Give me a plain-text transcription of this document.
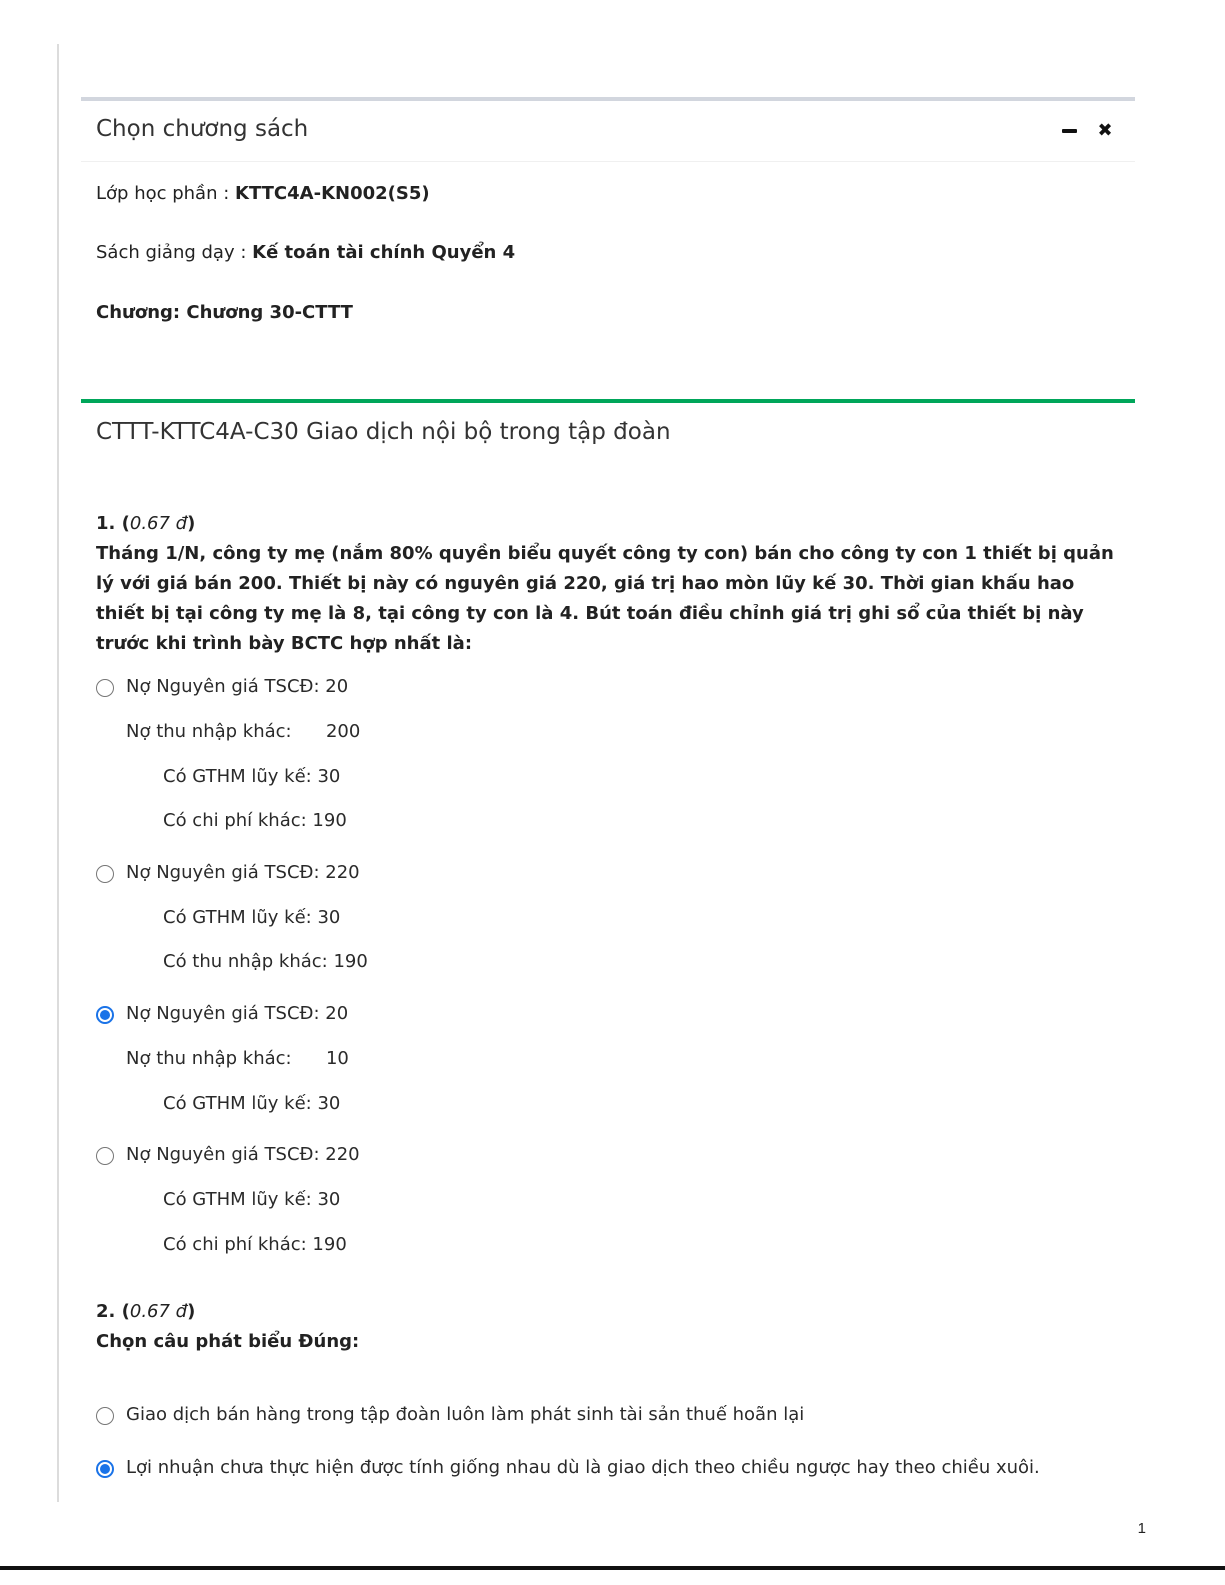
Chọn chương sách	✖
Lớp học phần : KTTC4A-KN002(S5)
Sách giảng dạy : Kế toán tài chính Quyển 4
Chương: Chương 30-CTTT
CTTT-KTTC4A-C30 Giao dịch nội bộ trong tập đoàn
1. (0.67 đ)
Tháng 1/N, công ty mẹ (nắm 80% quyền biểu quyết công ty con) bán cho công ty con 1 thiết bị quản lý với giá bán 200. Thiết bị này có nguyên giá 220, giá trị hao mòn lũy kế 30. Thời gian khấu hao thiết bị tại công ty mẹ là 8, tại công ty con là 4. Bút toán điều chỉnh giá trị ghi sổ của thiết bị này trước khi trình bày BCTC hợp nhất là:
Nợ Nguyên giá TSCĐ: 20
Nợ thu nhập khác:      200
Có GTHM lũy kế: 30
Có chi phí khác: 190
Nợ Nguyên giá TSCĐ: 220
Có GTHM lũy kế: 30
Có thu nhập khác: 190
Nợ Nguyên giá TSCĐ: 20
Nợ thu nhập khác:      10
Có GTHM lũy kế: 30
Nợ Nguyên giá TSCĐ: 220
Có GTHM lũy kế: 30
Có chi phí khác: 190
2. (0.67 đ)
Chọn câu phát biểu Đúng:
Giao dịch bán hàng trong tập đoàn luôn làm phát sinh tài sản thuế hoãn lại
Lợi nhuận chưa thực hiện được tính giống nhau dù là giao dịch theo chiều ngược hay theo chiều xuôi.
1
